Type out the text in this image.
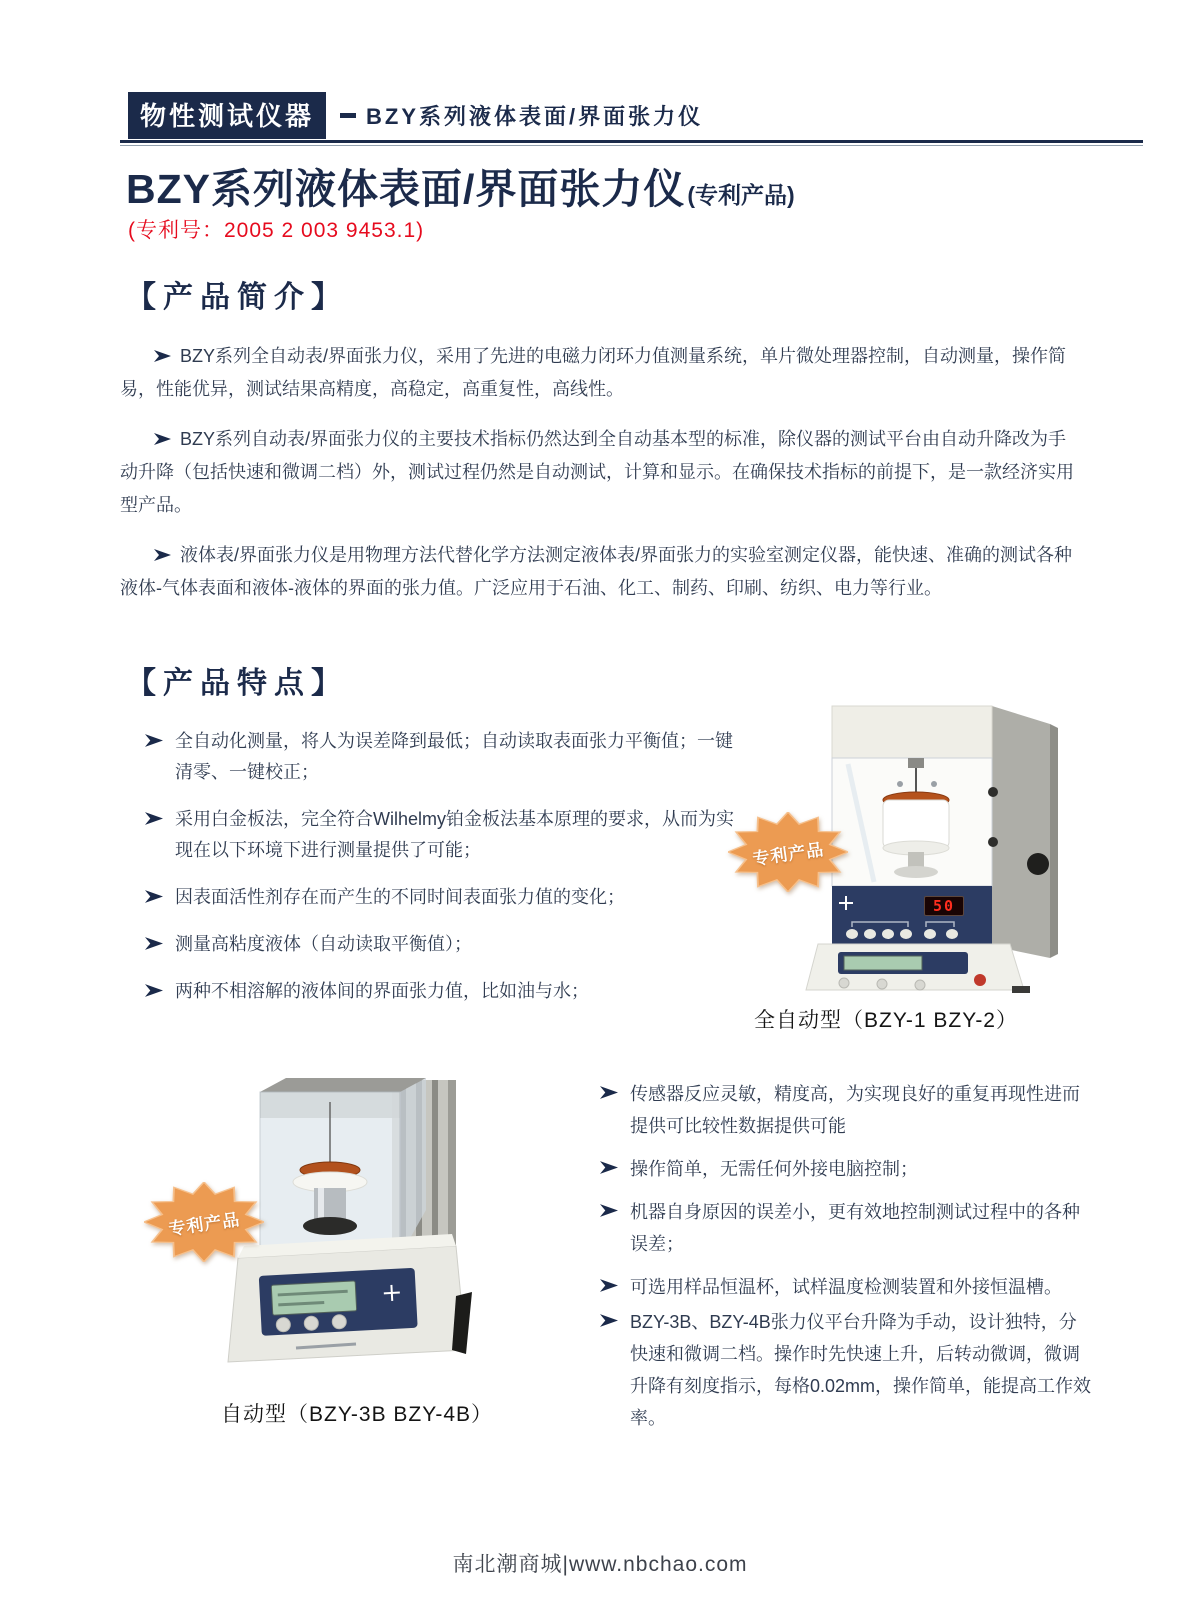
物性测试仪器 BZY系列液体表面/界面张力仪
BZY系列液体表面/界面张力仪(专利产品)
(专利号：2005 2 003 9453.1)
【产品简介】

BZY系列全自动表/界面张力仪，采用了先进的电磁力闭环力值测量系统，单片微处理器控制，自动测量，操作简易，性能优异，测试结果高精度，高稳定，高重复性，高线性。

BZY系列自动表/界面张力仪的主要技术指标仍然达到全自动基本型的标准，除仪器的测试平台由自动升降改为手动升降（包括快速和微调二档）外，测试过程仍然是自动测试，计算和显示。在确保技术指标的前提下，是一款经济实用型产品。

液体表/界面张力仪是用物理方法代替化学方法测定液体表/界面张力的实验室测定仪器，能快速、准确的测试各种液体-气体表面和液体-液体的界面的张力值。广泛应用于石油、化工、制药、印刷、纺织、电力等行业。

【产品特点】
全自动化测量，将人为误差降到最低；自动读取表面张力平衡值；一键清零、一键校正；
采用白金板法，完全符合Wilhelmy铂金板法基本原理的要求，从而为实现在以下环境下进行测量提供了可能；
因表面活性剂存在而产生的不同时间表面张力值的变化；
测量高粘度液体（自动读取平衡值）；
两种不相溶解的液体间的界面张力值，比如油与水；
50
专利产品
全自动型（BZY-1 BZY-2）
专利产品
自动型（BZY-3B BZY-4B）
传感器反应灵敏，精度高，为实现良好的重复再现性进而提供可比较性数据提供可能
操作简单，无需任何外接电脑控制；
机器自身原因的误差小，更有效地控制测试过程中的各种误差；
可选用样品恒温杯，试样温度检测装置和外接恒温槽。
BZY-3B、BZY-4B张力仪平台升降为手动，设计独特，分快速和微调二档。操作时先快速上升，后转动微调，微调升降有刻度指示，每格0.02mm，操作简单，能提高工作效率。
南北潮商城|www.nbchao.com
